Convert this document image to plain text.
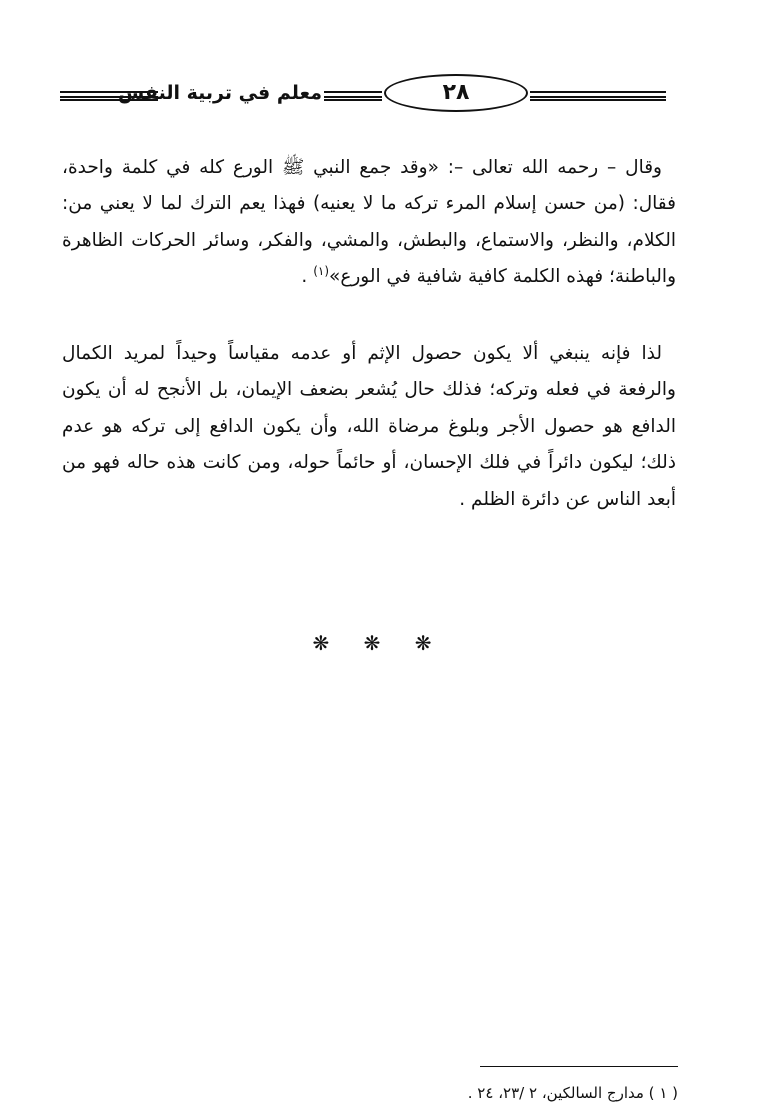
معلم في تربية النفس	٢٨
وقال – رحمه الله تعالى –: «وقد جمع النبي ﷺ الورع كله في كلمة واحدة، فقال: (من حسن إسلام المرء تركه ما لا يعنيه) فهذا يعم الترك لما لا يعني من: الكلام، والنظر، والاستماع، والبطش، والمشي، والفكر، وسائر الحركات الظاهرة والباطنة؛ فهذه الكلمة كافية شافية في الورع»$^{(١)}$ .
لذا فإنه ينبغي ألا يكون حصول الإثم أو عدمه مقياساً وحيداً لمريد الكمال والرفعة في فعله وتركه؛ فذلك حال يُشعر بضعف الإيمان، بل الأنجح له أن يكون الدافع هو حصول الأجر وبلوغ مرضاة الله، وأن يكون الدافع إلى تركه هو عدم ذلك؛ ليكون دائراً في فلك الإحسان، أو حائماً حوله، ومن كانت هذه حاله فهو من أبعد الناس عن دائرة الظلم .
❋ ❋ ❋
( ١ ) مدارج السالكين، ٢ /٢٣، ٢٤ .
